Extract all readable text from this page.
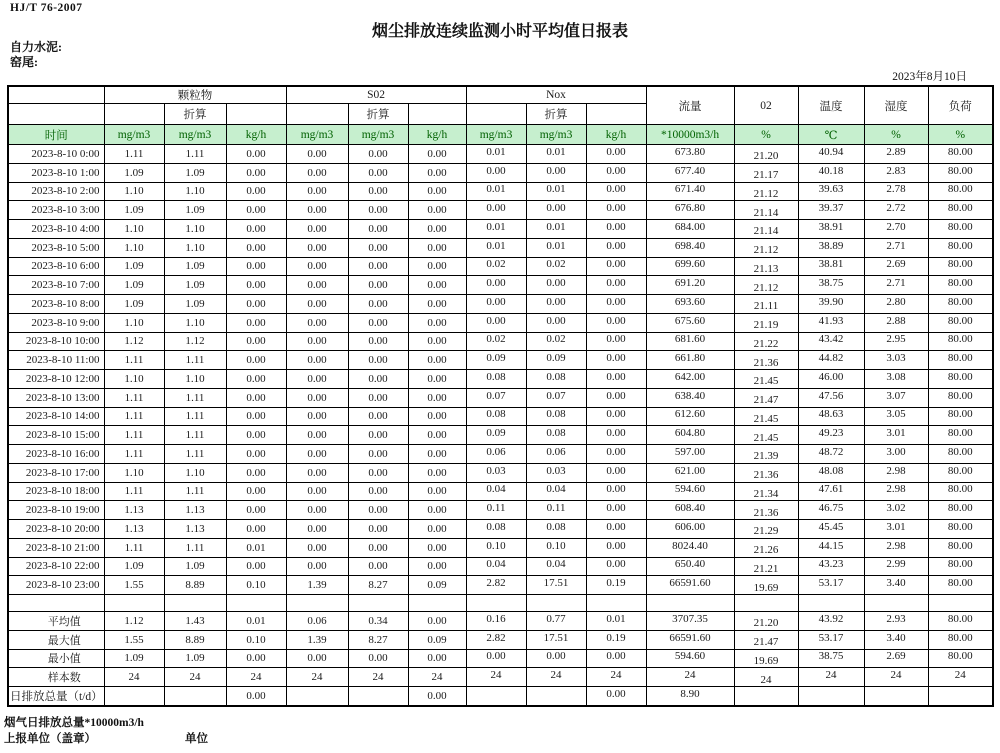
HJ/T 76-2007
烟尘排放连续监测小时平均值日报表
自力水泥:
窑尾:
2023年8月10日
	颗粒物			S02			Nox			流量	02	温度	湿度	负荷
		折算			折算			折算						
时间	mg/m3	mg/m3	kg/h	mg/m3	mg/m3	kg/h	mg/m3	mg/m3	kg/h	*10000m3/h	%	℃	%	%
2023-8-10 0:00	1.11	1.11	0.00	0.00	0.00	0.00	0.01	0.01	0.00	673.80	21.20	40.94	2.89	80.00
2023-8-10 1:00	1.09	1.09	0.00	0.00	0.00	0.00	0.00	0.00	0.00	677.40	21.17	40.18	2.83	80.00
2023-8-10 2:00	1.10	1.10	0.00	0.00	0.00	0.00	0.01	0.01	0.00	671.40	21.12	39.63	2.78	80.00
2023-8-10 3:00	1.09	1.09	0.00	0.00	0.00	0.00	0.00	0.00	0.00	676.80	21.14	39.37	2.72	80.00
2023-8-10 4:00	1.10	1.10	0.00	0.00	0.00	0.00	0.01	0.01	0.00	684.00	21.14	38.91	2.70	80.00
2023-8-10 5:00	1.10	1.10	0.00	0.00	0.00	0.00	0.01	0.01	0.00	698.40	21.12	38.89	2.71	80.00
2023-8-10 6:00	1.09	1.09	0.00	0.00	0.00	0.00	0.02	0.02	0.00	699.60	21.13	38.81	2.69	80.00
2023-8-10 7:00	1.09	1.09	0.00	0.00	0.00	0.00	0.00	0.00	0.00	691.20	21.12	38.75	2.71	80.00
2023-8-10 8:00	1.09	1.09	0.00	0.00	0.00	0.00	0.00	0.00	0.00	693.60	21.11	39.90	2.80	80.00
2023-8-10 9:00	1.10	1.10	0.00	0.00	0.00	0.00	0.00	0.00	0.00	675.60	21.19	41.93	2.88	80.00
2023-8-10 10:00	1.12	1.12	0.00	0.00	0.00	0.00	0.02	0.02	0.00	681.60	21.22	43.42	2.95	80.00
2023-8-10 11:00	1.11	1.11	0.00	0.00	0.00	0.00	0.09	0.09	0.00	661.80	21.36	44.82	3.03	80.00
2023-8-10 12:00	1.10	1.10	0.00	0.00	0.00	0.00	0.08	0.08	0.00	642.00	21.45	46.00	3.08	80.00
2023-8-10 13:00	1.11	1.11	0.00	0.00	0.00	0.00	0.07	0.07	0.00	638.40	21.47	47.56	3.07	80.00
2023-8-10 14:00	1.11	1.11	0.00	0.00	0.00	0.00	0.08	0.08	0.00	612.60	21.45	48.63	3.05	80.00
2023-8-10 15:00	1.11	1.11	0.00	0.00	0.00	0.00	0.09	0.08	0.00	604.80	21.45	49.23	3.01	80.00
2023-8-10 16:00	1.11	1.11	0.00	0.00	0.00	0.00	0.06	0.06	0.00	597.00	21.39	48.72	3.00	80.00
2023-8-10 17:00	1.10	1.10	0.00	0.00	0.00	0.00	0.03	0.03	0.00	621.00	21.36	48.08	2.98	80.00
2023-8-10 18:00	1.11	1.11	0.00	0.00	0.00	0.00	0.04	0.04	0.00	594.60	21.34	47.61	2.98	80.00
2023-8-10 19:00	1.13	1.13	0.00	0.00	0.00	0.00	0.11	0.11	0.00	608.40	21.36	46.75	3.02	80.00
2023-8-10 20:00	1.13	1.13	0.00	0.00	0.00	0.00	0.08	0.08	0.00	606.00	21.29	45.45	3.01	80.00
2023-8-10 21:00	1.11	1.11	0.01	0.00	0.00	0.00	0.10	0.10	0.00	8024.40	21.26	44.15	2.98	80.00
2023-8-10 22:00	1.09	1.09	0.00	0.00	0.00	0.00	0.04	0.04	0.00	650.40	21.21	43.23	2.99	80.00
2023-8-10 23:00	1.55	8.89	0.10	1.39	8.27	0.09	2.82	17.51	0.19	66591.60	19.69	53.17	3.40	80.00

平均值	1.12	1.43	0.01	0.06	0.34	0.00	0.16	0.77	0.01	3707.35	21.20	43.92	2.93	80.00
最大值	1.55	8.89	0.10	1.39	8.27	0.09	2.82	17.51	0.19	66591.60	21.47	53.17	3.40	80.00
最小值	1.09	1.09	0.00	0.00	0.00	0.00	0.00	0.00	0.00	594.60	19.69	38.75	2.69	80.00
样本数	24	24	24	24	24	24	24	24	24	24	24	24	24	24
日排放总量（t/d）			0.00			0.00			0.00	8.90				
烟气日排放总量*10000m3/h
上报单位（盖章）	单位
